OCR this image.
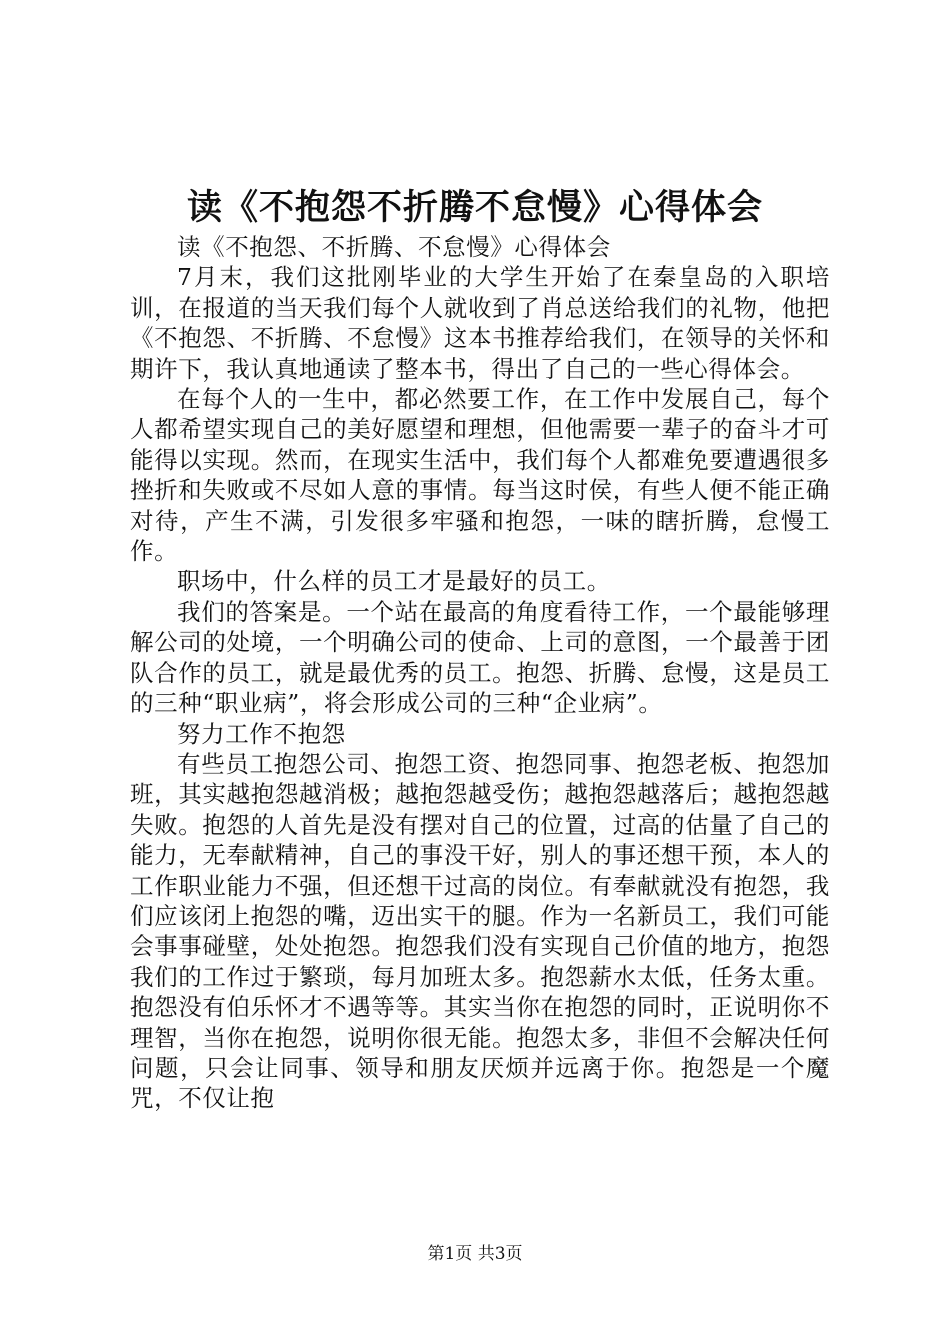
读《不抱怨不折腾不怠慢》心得体会

读《不抱怨、不折腾、不怠慢》心得体会

7月末，我们这批刚毕业的大学生开始了在秦皇岛的入职培训，在报道的当天我们每个人就收到了肖总送给我们的礼物，他把《不抱怨、不折腾、不怠慢》这本书推荐给我们，在领导的关怀和期许下，我认真地通读了整本书，得出了自己的一些心得体会。

在每个人的一生中，都必然要工作，在工作中发展自己，每个人都希望实现自己的美好愿望和理想，但他需要一辈子的奋斗才可能得以实现。然而，在现实生活中，我们每个人都难免要遭遇很多挫折和失败或不尽如人意的事情。每当这时侯，有些人便不能正确对待，产生不满，引发很多牢骚和抱怨，一味的瞎折腾，怠慢工作。

职场中，什么样的员工才是最好的员工。

我们的答案是。一个站在最高的角度看待工作，一个最能够理解公司的处境，一个明确公司的使命、上司的意图，一个最善于团队合作的员工，就是最优秀的员工。抱怨、折腾、怠慢，这是员工的三种“职业病”，将会形成公司的三种“企业病”。

努力工作不抱怨

有些员工抱怨公司、抱怨工资、抱怨同事、抱怨老板、抱怨加班，其实越抱怨越消极；越抱怨越受伤；越抱怨越落后；越抱怨越失败。抱怨的人首先是没有摆对自己的位置，过高的估量了自己的能力，无奉献精神，自己的事没干好，别人的事还想干预，本人的工作职业能力不强，但还想干过高的岗位。有奉献就没有抱怨，我们应该闭上抱怨的嘴，迈出实干的腿。作为一名新员工，我们可能会事事碰壁，处处抱怨。抱怨我们没有实现自己价值的地方，抱怨我们的工作过于繁琐，每月加班太多。抱怨薪水太低，任务太重。抱怨没有伯乐怀才不遇等等。其实当你在抱怨的同时，正说明你不理智，当你在抱怨，说明你很无能。抱怨太多，非但不会解决任何问题，只会让同事、领导和朋友厌烦并远离于你。抱怨是一个魔咒，不仅让抱

第1页 共3页
